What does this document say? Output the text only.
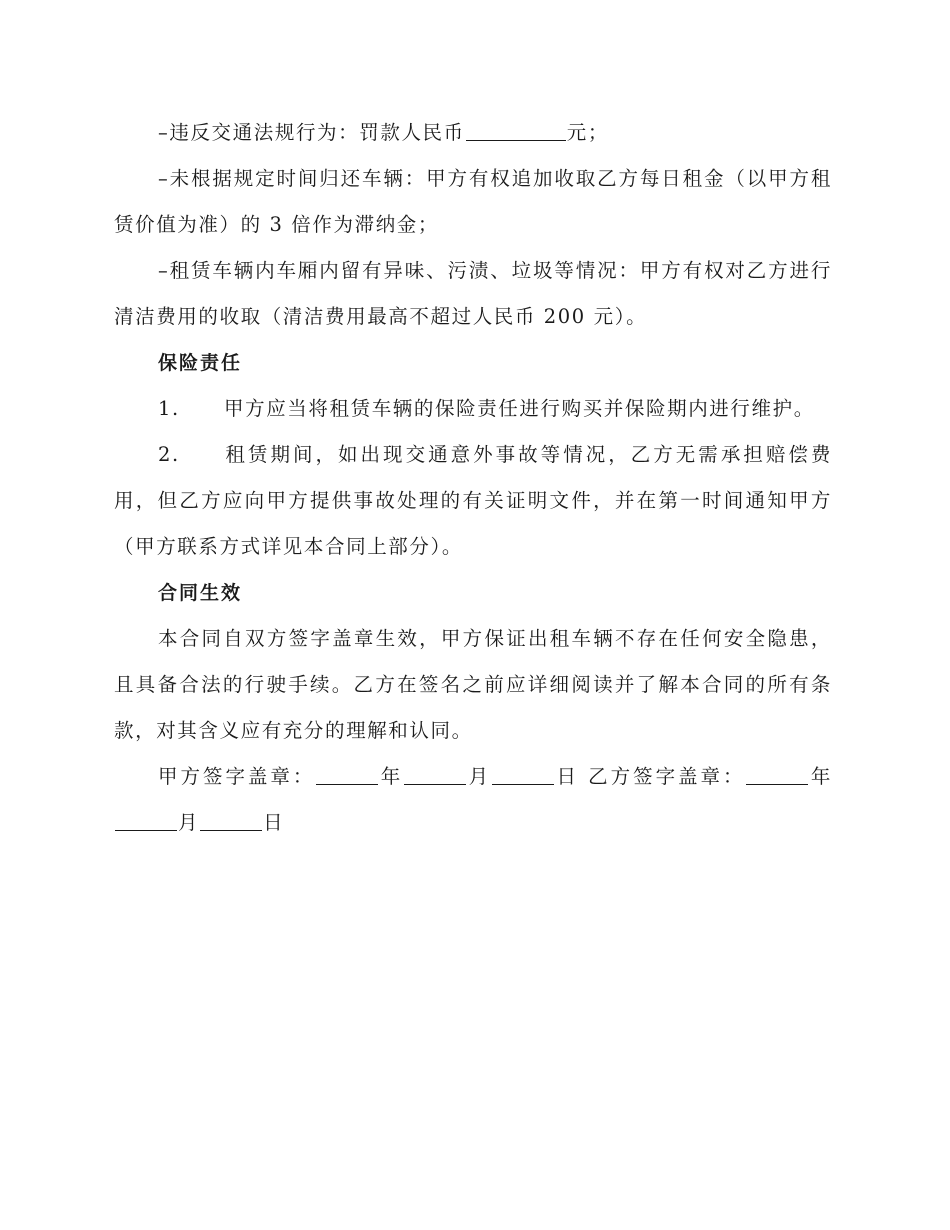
–违反交通法规行为：罚款人民币	元；

–未根据规定时间归还车辆：甲方有权追加收取乙方每日租金（以甲方租赁价值为准）的 3 倍作为滞纳金；

–租赁车辆内车厢内留有异味、污渍、垃圾等情况：甲方有权对乙方进行清洁费用的收取（清洁费用最高不超过人民币 200 元）。

保险责任

1. 甲方应当将租赁车辆的保险责任进行购买并保险期内进行维护。

2. 租赁期间，如出现交通意外事故等情况，乙方无需承担赔偿费用，但乙方应向甲方提供事故处理的有关证明文件，并在第一时间通知甲方（甲方联系方式详见本合同上部分）。

合同生效

本合同自双方签字盖章生效，甲方保证出租车辆不存在任何安全隐患，且具备合法的行驶手续。乙方在签名之前应详细阅读并了解本合同的所有条款，对其含义应有充分的理解和认同。

甲方签字盖章：	年	月	日 乙方签字盖章：	年月	日
